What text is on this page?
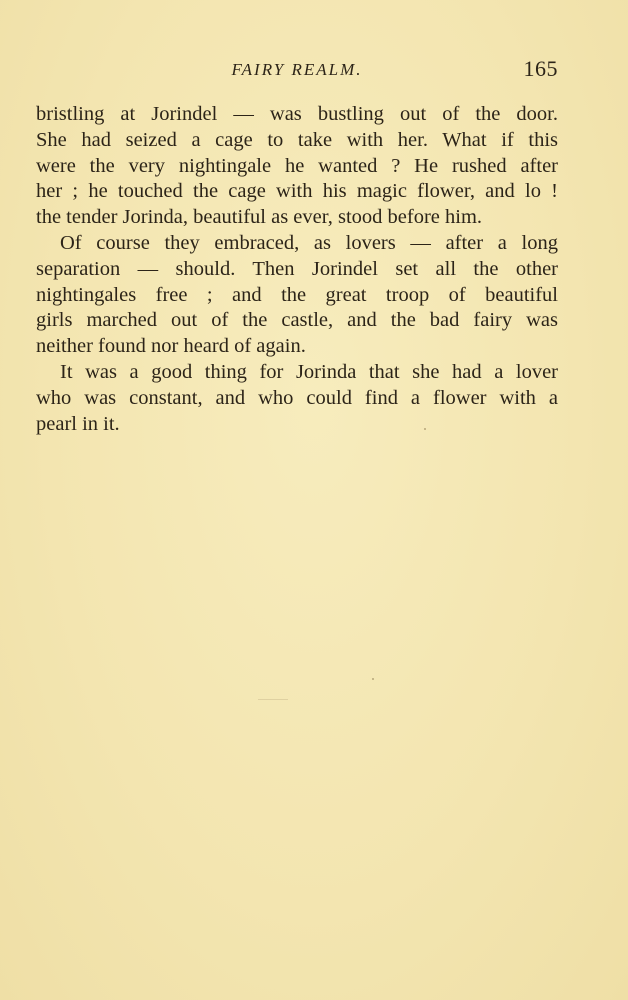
FAIRY REALM.	165
bristling at Jorindel — was bustling out of the door.
She had seized a cage to take with her. What if this
were the very nightingale he wanted ? He rushed after
her ; he touched the cage with his magic flower, and lo !
the tender Jorinda, beautiful as ever, stood before him.
Of course they embraced, as lovers — after a long
separation — should. Then Jorindel set all the other
nightingales free ; and the great troop of beautiful
girls marched out of the castle, and the bad fairy was
neither found nor heard of again.
It was a good thing for Jorinda that she had a lover
who was constant, and who could find a flower with a
pearl in it.
